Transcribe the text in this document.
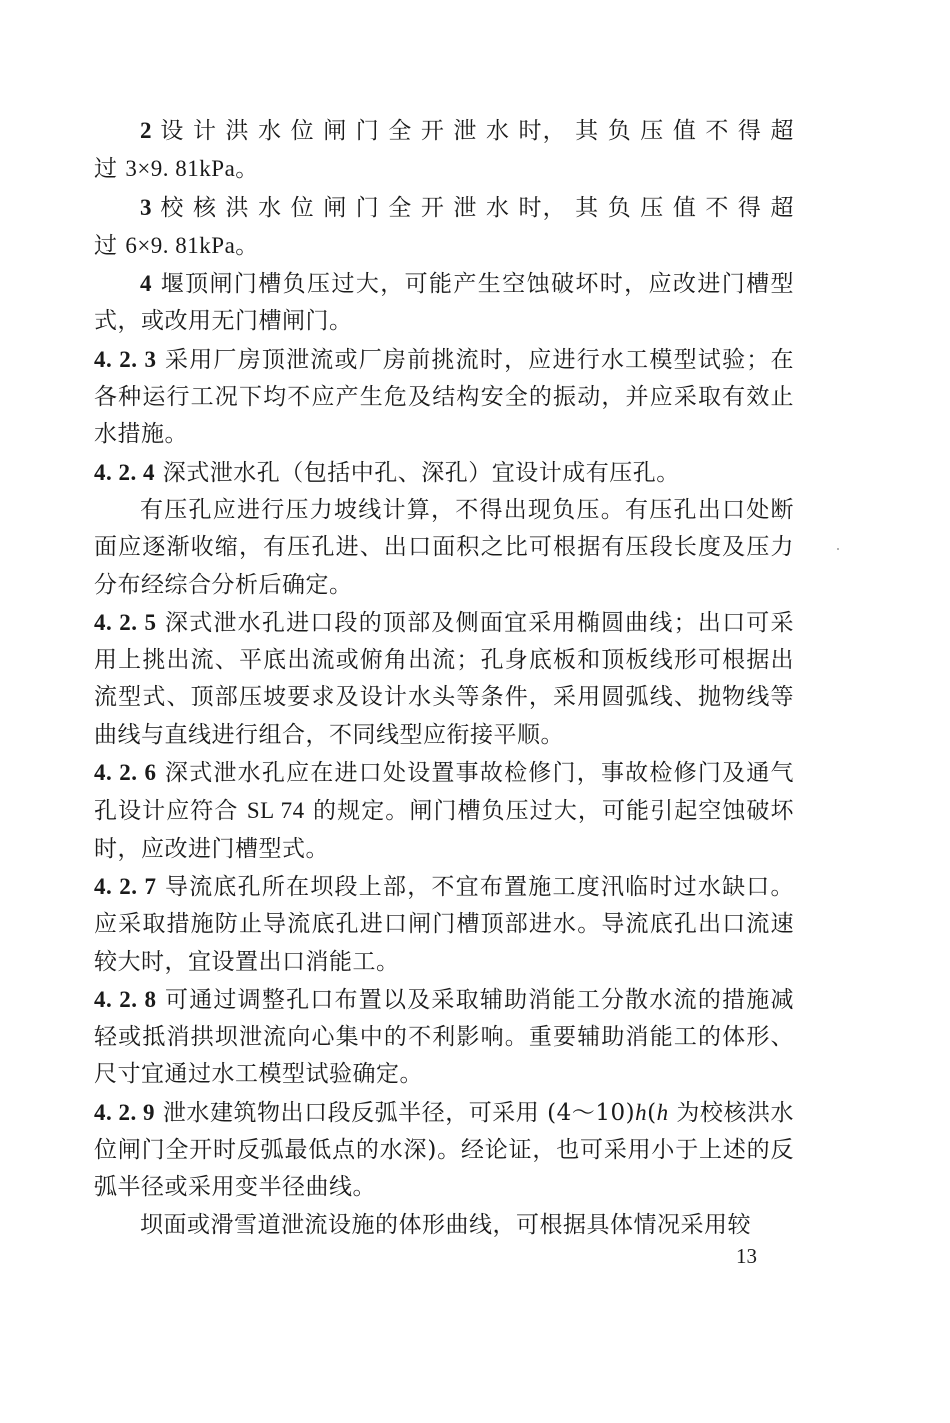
2 设 计 洪 水 位 闸 门 全 开 泄 水 时， 其 负 压 值 不 得 超 过 3×9. 81kPa。

3 校 核 洪 水 位 闸 门 全 开 泄 水 时， 其 负 压 值 不 得 超 过 6×9. 81kPa。

4 堰顶闸门槽负压过大，可能产生空蚀破坏时，应改进门槽型式，或改用无门槽闸门。

4. 2. 3 采用厂房顶泄流或厂房前挑流时，应进行水工模型试验；在各种运行工况下均不应产生危及结构安全的振动，并应采取有效止水措施。

4. 2. 4 深式泄水孔（包括中孔、深孔）宜设计成有压孔。

有压孔应进行压力坡线计算，不得出现负压。有压孔出口处断面应逐渐收缩，有压孔进、出口面积之比可根据有压段长度及压力分布经综合分析后确定。

4. 2. 5 深式泄水孔进口段的顶部及侧面宜采用椭圆曲线；出口可采用上挑出流、平底出流或俯角出流；孔身底板和顶板线形可根据出流型式、顶部压坡要求及设计水头等条件，采用圆弧线、抛物线等曲线与直线进行组合，不同线型应衔接平顺。

4. 2. 6 深式泄水孔应在进口处设置事故检修门，事故检修门及通气孔设计应符合 SL 74 的规定。闸门槽负压过大，可能引起空蚀破坏时，应改进门槽型式。

4. 2. 7 导流底孔所在坝段上部，不宜布置施工度汛临时过水缺口。应采取措施防止导流底孔进口闸门槽顶部进水。导流底孔出口流速较大时，宜设置出口消能工。

4. 2. 8 可通过调整孔口布置以及采取辅助消能工分散水流的措施减轻或抵消拱坝泄流向心集中的不利影响。重要辅助消能工的体形、尺寸宜通过水工模型试验确定。

4. 2. 9 泄水建筑物出口段反弧半径，可采用 (4～10)h(h 为校核洪水位闸门全开时反弧最低点的水深)。经论证，也可采用小于上述的反弧半径或采用变半径曲线。

坝面或滑雪道泄流设施的体形曲线，可根据具体情况采用较

13
